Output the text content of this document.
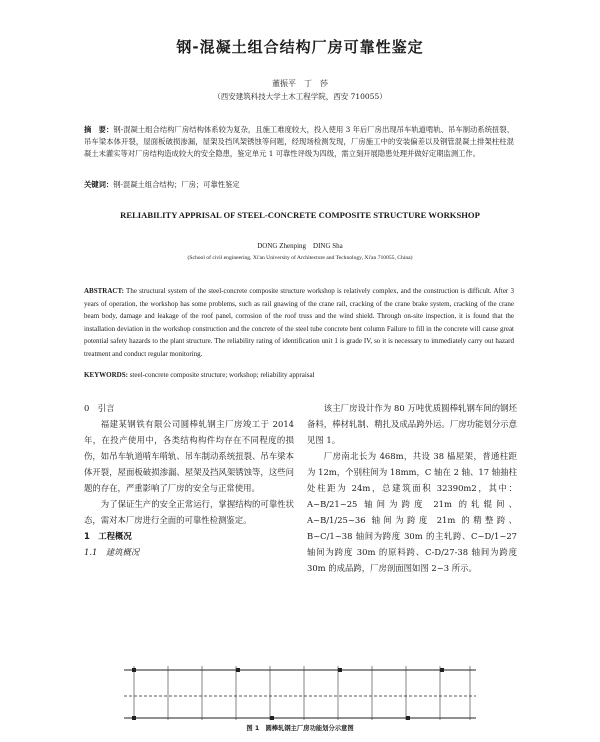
钢-混凝土组合结构厂房可靠性鉴定
董振平　丁　莎
（西安建筑科技大学土木工程学院，西安 710055）
摘　要：钢-混凝土组合结构厂房结构体系较为复杂，且施工难度较大，投入使用 3 年后厂房出现吊车轨道啃轨、吊车制动系统扭裂、吊车梁本体开裂，屋面板破损渗漏，屋架及挡风架锈蚀等问题，经现场检测发现，厂房施工中的安装偏差以及钢管混凝土排架柱柱混凝土未灌实等对厂房结构造成较大的安全隐患，鉴定单元 1 可靠性评级为四级，需立刻开展隐患处理并做好定期监测工作。
关键词：钢-混凝土组合结构；厂房；可靠性鉴定
RELIABILITY APPRISAL OF STEEL-CONCRETE COMPOSITE STRUCTURE WORKSHOP
DONG Zhenping　DING Sha
(School of civil engineering, Xi'an University of Architecture and Technology, Xi'an 710055, China)
ABSTRACT: The structural system of the steel-concrete composite structure workshop is relatively complex, and the construction is difficult. After 3 years of operation, the workshop has some problems, such as rail gnawing of the crane rail, cracking of the crane brake system, cracking of the crane beam body, damage and leakage of the roof panel, corrosion of the roof truss and the wind shield. Through on-site inspection, it is found that the installation deviation in the workshop construction and the concrete of the steel tube concrete bent column Failure to fill in the concrete will cause great potential safety hazards to the plant structure. The reliability rating of identification unit 1 is grade IV, so it is necessary to immediately carry out hazard treatment and conduct regular monitoring.
KEYWORDS: steel-concrete composite structure; workshop; reliability appraisal

0　引言

福建某钢铁有限公司圆棒轧钢主厂房竣工于 2014 年，在投产使用中，各类结构构件均存在不同程度的损伤，如吊车轨道啃车啃轨、吊车制动系统扭裂、吊车梁本体开裂，屋面板破损渗漏、屋架及挡风架锈蚀等，这些问题的存在，严重影响了厂房的安全与正常使用。

为了保证生产的安全正常运行，掌握结构的可靠性状态，需对本厂房进行全面的可靠性检测鉴定。

1　工程概况

1.1　建筑概况

该主厂房设计作为 80 万吨优质圆棒轧钢车间的钢坯备料，棒材轧制、精扎及成品跨外运。厂房功能划分示意见图 1。

厂房南北长为 468m，共设 38 榀屋架，普通柱距为 12m，个别柱间为 18mm，C 轴在 2 轴、17 轴抽柱处柱距为 24m，总建筑面积 32390m2，其中：A~B/21~25 轴间为跨度 21m 的轧辊间、A~B/1/25~36 轴间为跨度 21m 的精整跨、B~C/1~38 轴间为跨度 30m 的主轧跨、C~D/1~27 轴间为跨度 30m 的原料跨、C-D/27-38 轴间为跨度 30m 的成品跨，厂房剖面图如图 2~3 所示。

图 1　圆棒轧钢主厂房功能划分示意图
